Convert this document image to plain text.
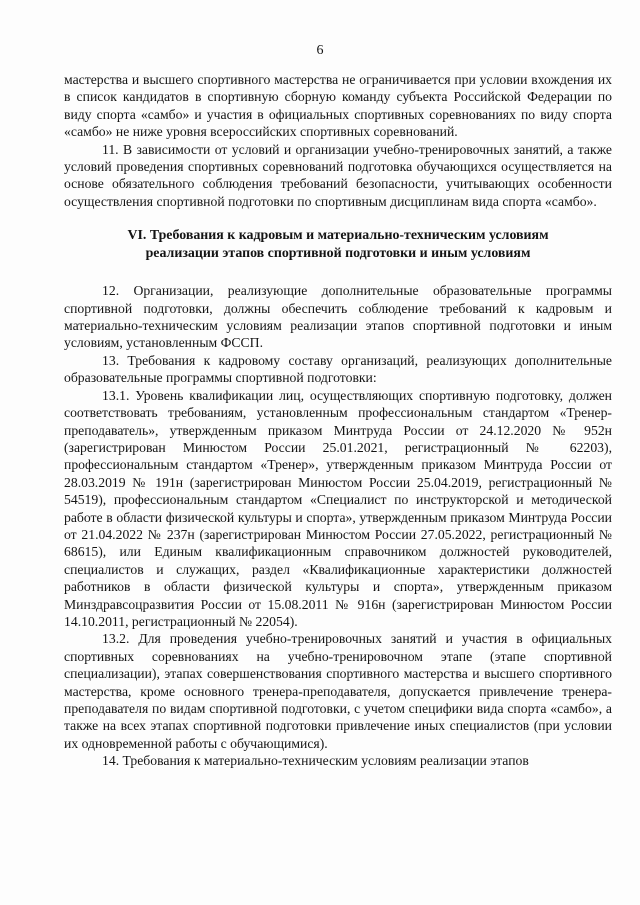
6

мастерства и высшего спортивного мастерства не ограничивается при условии вхождения их в список кандидатов в спортивную сборную команду субъекта Российской Федерации по виду спорта «самбо» и участия в официальных спортивных соревнованиях по виду спорта «самбо» не ниже уровня всероссийских спортивных соревнований.

11. В зависимости от условий и организации учебно-тренировочных занятий, а также условий проведения спортивных соревнований подготовка обучающихся осуществляется на основе обязательного соблюдения требований безопасности, учитывающих особенности осуществления спортивной подготовки по спортивным дисциплинам вида спорта «самбо».

VI. Требования к кадровым и материально-техническим условиям
реализации этапов спортивной подготовки и иным условиям

12. Организации, реализующие дополнительные образовательные программы спортивной подготовки, должны обеспечить соблюдение требований к кадровым и материально-техническим условиям реализации этапов спортивной подготовки и иным условиям, установленным ФССП.

13. Требования к кадровому составу организаций, реализующих дополнительные образовательные программы спортивной подготовки:

13.1. Уровень квалификации лиц, осуществляющих спортивную подготовку, должен соответствовать требованиям, установленным профессиональным стандартом «Тренер-преподаватель», утвержденным приказом Минтруда России от 24.12.2020 № 952н (зарегистрирован Минюстом России 25.01.2021, регистрационный № 62203), профессиональным стандартом «Тренер», утвержденным приказом Минтруда России от 28.03.2019 № 191н (зарегистрирован Минюстом России 25.04.2019, регистрационный № 54519), профессиональным стандартом «Специалист по инструкторской и методической работе в области физической культуры и спорта», утвержденным приказом Минтруда России от 21.04.2022 № 237н (зарегистрирован Минюстом России 27.05.2022, регистрационный № 68615), или Единым квалификационным справочником должностей руководителей, специалистов и служащих, раздел «Квалификационные характеристики должностей работников в области физической культуры и спорта», утвержденным приказом Минздравсоцразвития России от 15.08.2011 № 916н (зарегистрирован Минюстом России 14.10.2011, регистрационный № 22054).

13.2. Для проведения учебно-тренировочных занятий и участия в официальных спортивных соревнованиях на учебно-тренировочном этапе (этапе спортивной специализации), этапах совершенствования спортивного мастерства и высшего спортивного мастерства, кроме основного тренера-преподавателя, допускается привлечение тренера-преподавателя по видам спортивной подготовки, с учетом специфики вида спорта «самбо», а также на всех этапах спортивной подготовки привлечение иных специалистов (при условии их одновременной работы с обучающимися).

14. Требования к материально-техническим условиям реализации этапов
